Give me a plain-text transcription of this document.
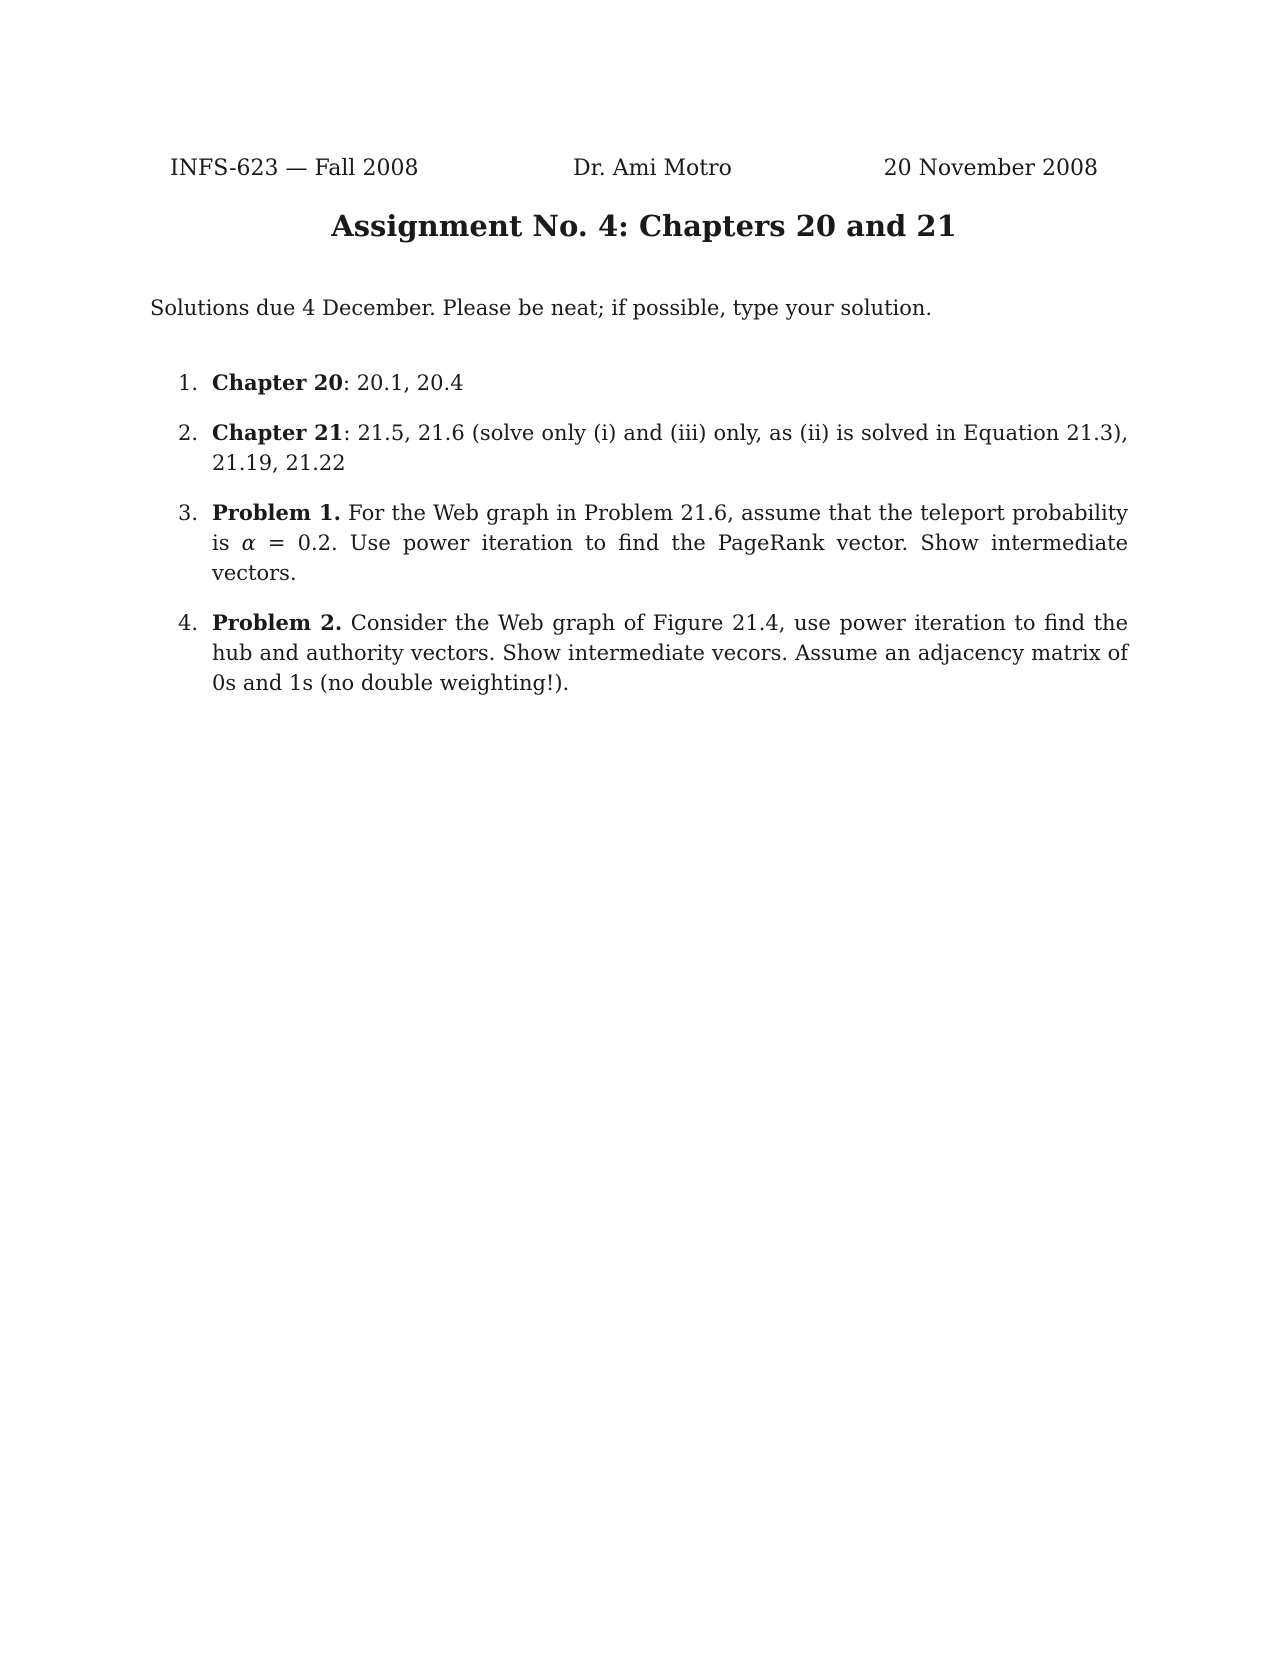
INFS-623 — Fall 2008	Dr. Ami Motro	20 November 2008
Assignment No. 4: Chapters 20 and 21
Solutions due 4 December. Please be neat; if possible, type your solution.
1. Chapter 20: 20.1, 20.4
2. Chapter 21: 21.5, 21.6 (solve only (i) and (iii) only, as (ii) is solved in Equation 21.3), 21.19, 21.22
3. Problem 1. For the Web graph in Problem 21.6, assume that the teleport probability is α = 0.2. Use power iteration to find the PageRank vector. Show intermediate vectors.
4. Problem 2. Consider the Web graph of Figure 21.4, use power iteration to find the hub and authority vectors. Show intermediate vecors. Assume an adjacency matrix of 0s and 1s (no double weighting!).
